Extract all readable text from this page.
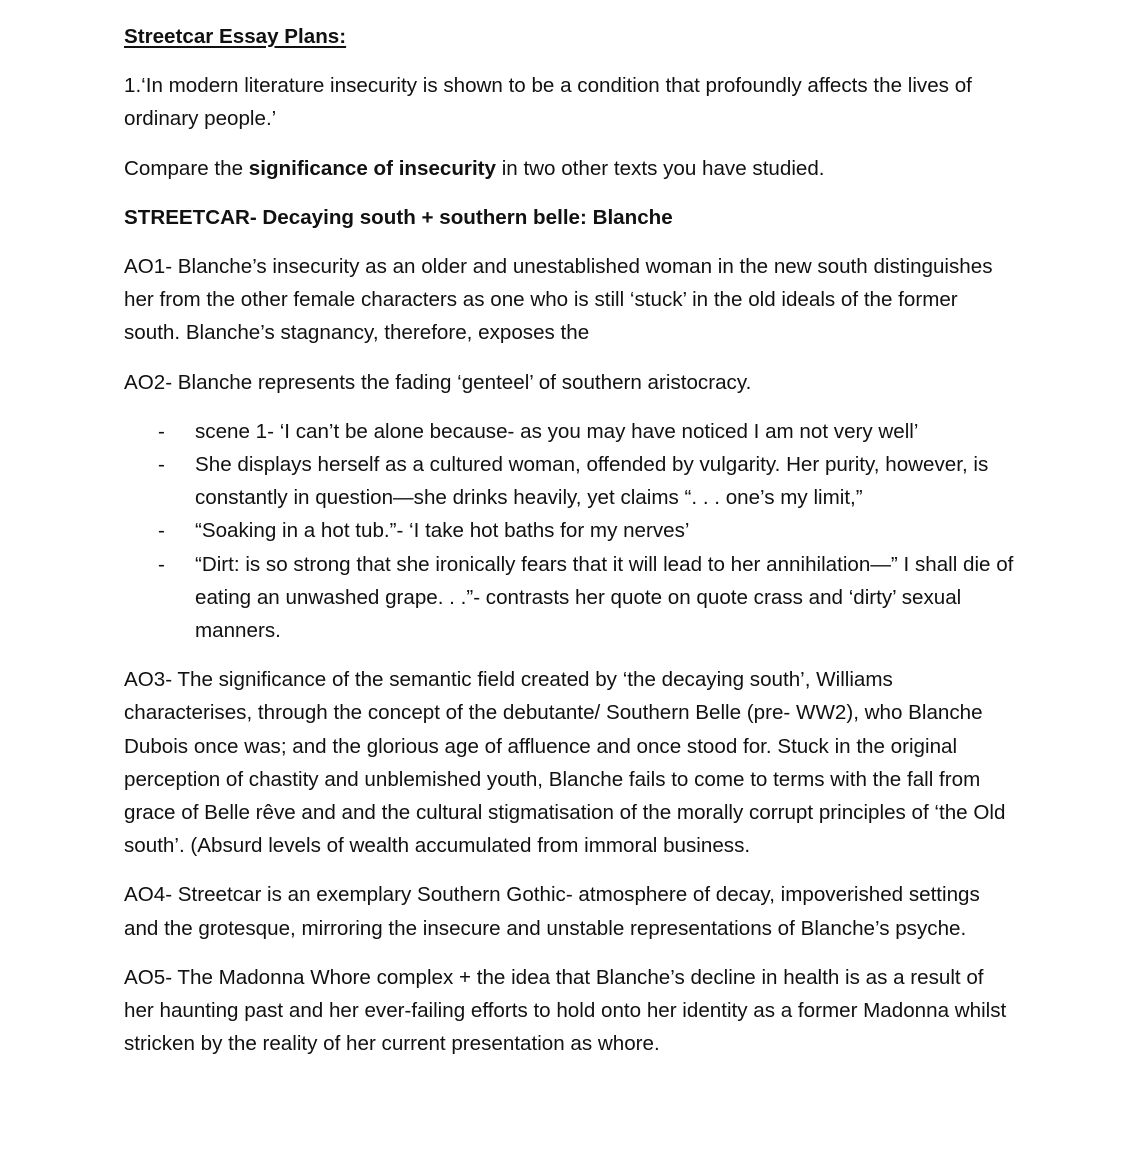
Streetcar Essay Plans:

1.‘In modern literature insecurity is shown to be a condition that profoundly affects the lives of ordinary people.’

Compare the significance of insecurity in two other texts you have studied.

STREETCAR- Decaying south + southern belle: Blanche

AO1- Blanche’s insecurity as an older and unestablished woman in the new south distinguishes her from the other female characters as one who is still ‘stuck’ in the old ideals of the former south. Blanche’s stagnancy, therefore, exposes the

AO2- Blanche represents the fading ‘genteel’ of southern aristocracy.

- scene 1- ‘I can’t be alone because- as you may have noticed I am not very well’
- She displays herself as a cultured woman, offended by vulgarity. Her purity, however, is constantly in question—she drinks heavily, yet claims “. . . one’s my limit,”
- “Soaking in a hot tub.”- ‘I take hot baths for my nerves’
- “Dirt: is so strong that she ironically fears that it will lead to her annihilation—” I shall die of eating an unwashed grape. . .”- contrasts her quote on quote crass and ‘dirty’ sexual manners.

AO3- The significance of the semantic field created by ‘the decaying south’, Williams characterises, through the concept of the debutante/ Southern Belle (pre- WW2), who Blanche Dubois once was; and the glorious age of affluence and once stood for. Stuck in the original perception of chastity and unblemished youth, Blanche fails to come to terms with the fall from grace of Belle rêve and and the cultural stigmatisation of the morally corrupt principles of ‘the Old south’. (Absurd levels of wealth accumulated from immoral business.

AO4- Streetcar is an exemplary Southern Gothic- atmosphere of decay, impoverished settings and the grotesque, mirroring the insecure and unstable representations of Blanche’s psyche.

AO5- The Madonna Whore complex + the idea that Blanche’s decline in health is as a result of her haunting past and her ever-failing efforts to hold onto her identity as a former Madonna whilst stricken by the reality of her current presentation as whore.
